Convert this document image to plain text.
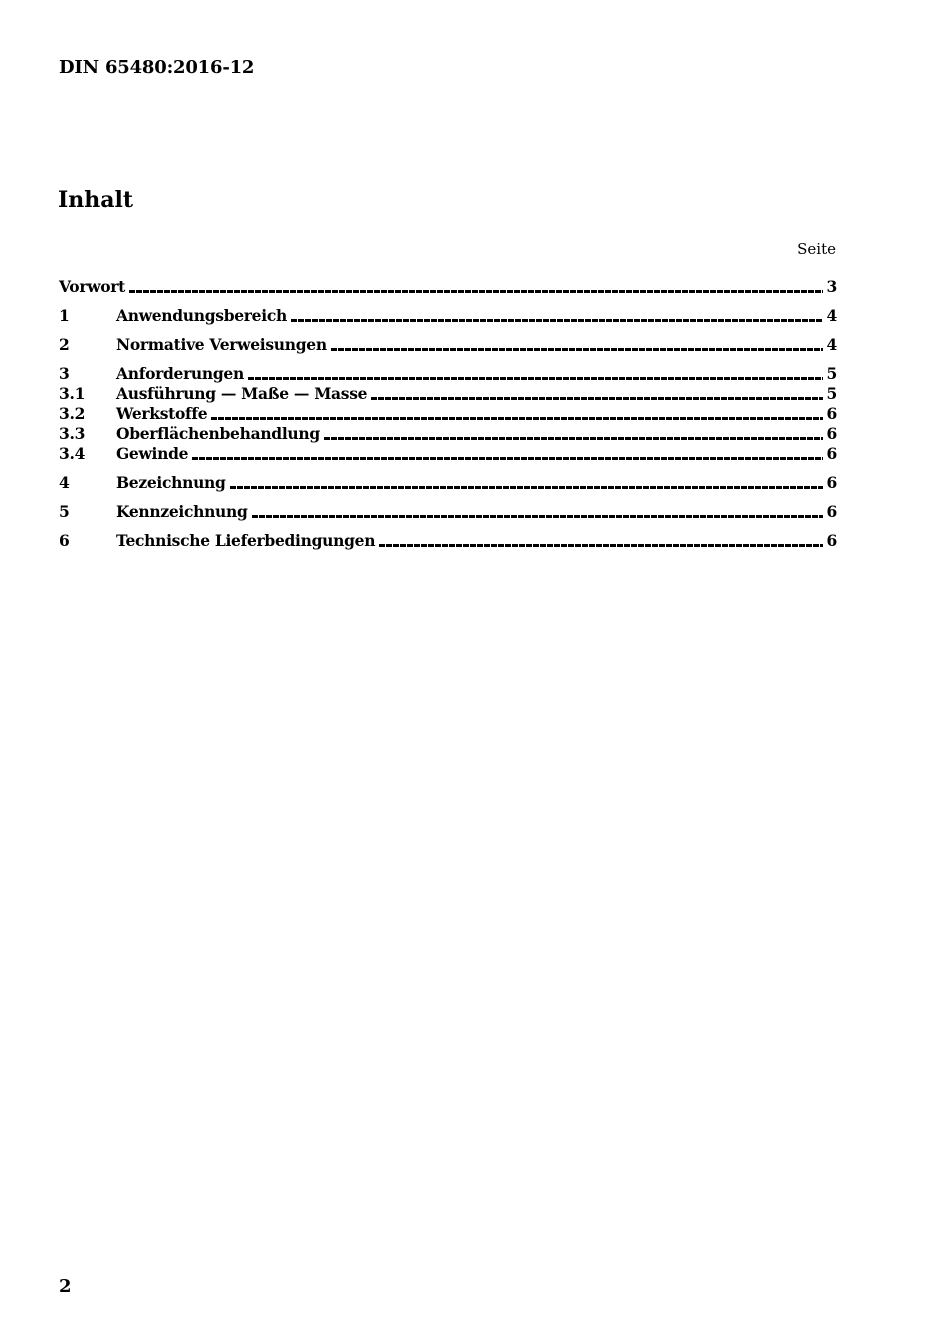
DIN 65480:2016-12
Inhalt
Seite
Vorwort	3
1	Anwendungsbereich	4
2	Normative Verweisungen	4
3	Anforderungen	5
3.1	Ausführung — Maße — Masse	5
3.2	Werkstoffe	6
3.3	Oberflächenbehandlung	6
3.4	Gewinde	6
4	Bezeichnung	6
5	Kennzeichnung	6
6	Technische Lieferbedingungen	6
2
